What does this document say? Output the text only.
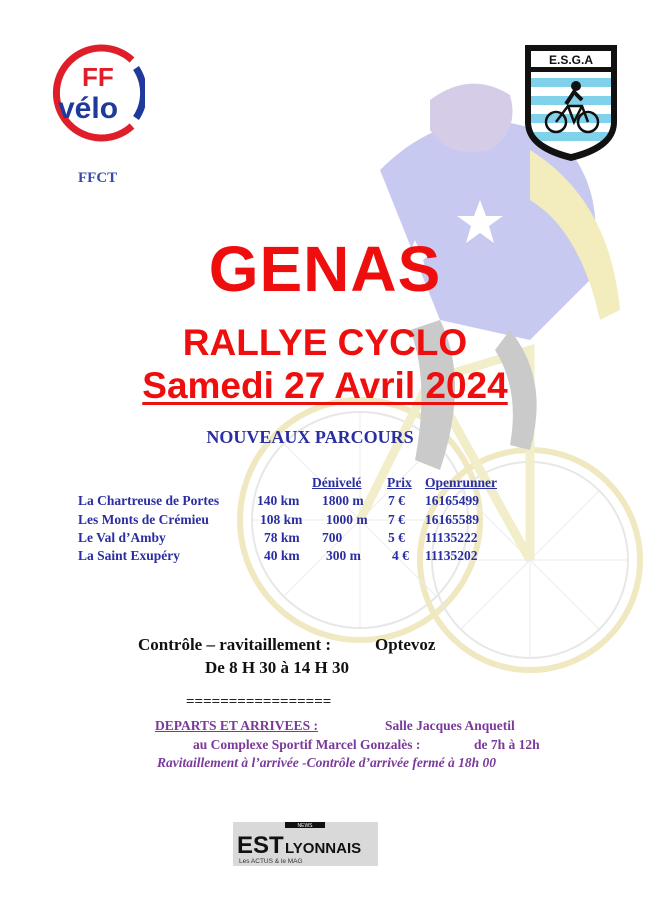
FF
vélo
FFCT
E.S.G.A
GENAS
RALLYE CYCLO
Samedi 27 Avril 2024
NOUVEAUX PARCOURS
Dénivelé Prix Openrunner
La Chartreuse de Portes	140 km 1800 m 7 € 16165499
Les Monts de Crémieu	108 km 1000 m 7 € 16165589
Le Val d’Amby	78 km 700	5 € 11135222
La Saint Exupéry	40 km 300 m 4 € 11135202
Contrôle – ravitaillement :	Optevoz
De 8 H 30 à 14 H 30
=================
DEPARTS ET ARRIVEES :	Salle Jacques Anquetil
au Complexe Sportif Marcel Gonzalès :	de 7h à 12h
Ravitaillement à l’arrivée -Contrôle d’arrivée fermé à 18h 00
NEWS
EST LYONNAIS
Les ACTUS & le MAG
